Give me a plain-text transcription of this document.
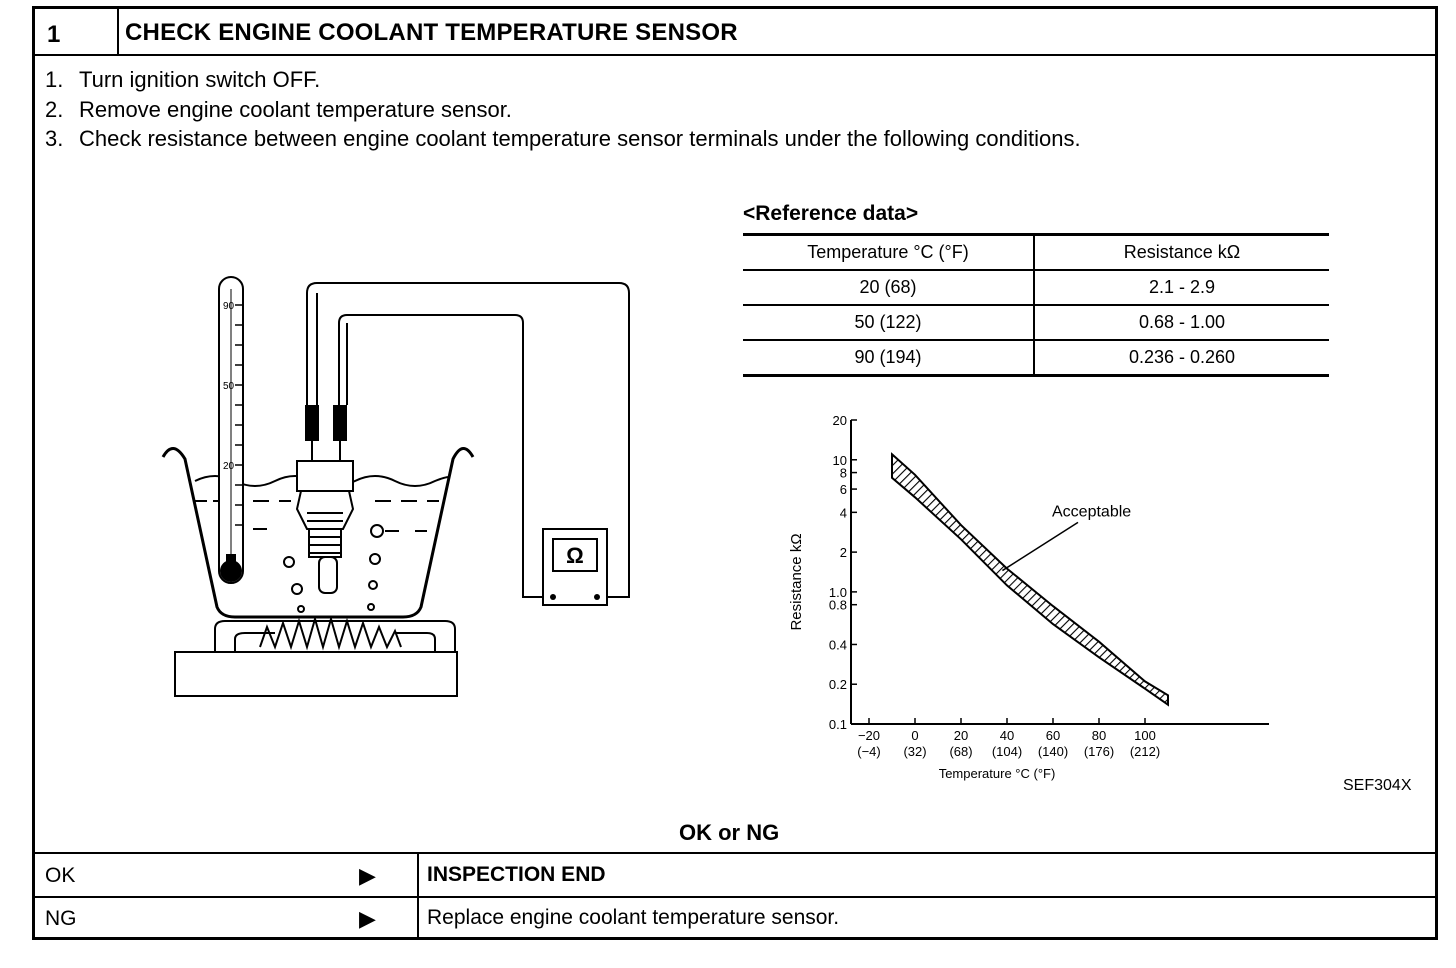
1	CHECK ENGINE COOLANT TEMPERATURE SENSOR
1. Turn ignition switch OFF.
2. Remove engine coolant temperature sensor.
3. Check resistance between engine coolant temperature sensor terminals under the following conditions.
90
50
20
Ω
<Reference data>
Temperature °C (°F)	Resistance kΩ
20 (68)	2.1 - 2.9
50 (122)	0.68 - 1.00
90 (194)	0.236 - 0.260
0.1
0.2
0.4
0.8
1.0
2
4
6
8
10
20
−20
(−4)
0
(32)
20
(68)
40
(104)
60
(140)
80
(176)
100
(212)
Temperature °C (°F)
Resistance kΩ
Acceptable
SEF304X
OK or NG
OK	▶ INSPECTION END
NG	▶ Replace engine coolant temperature sensor.
